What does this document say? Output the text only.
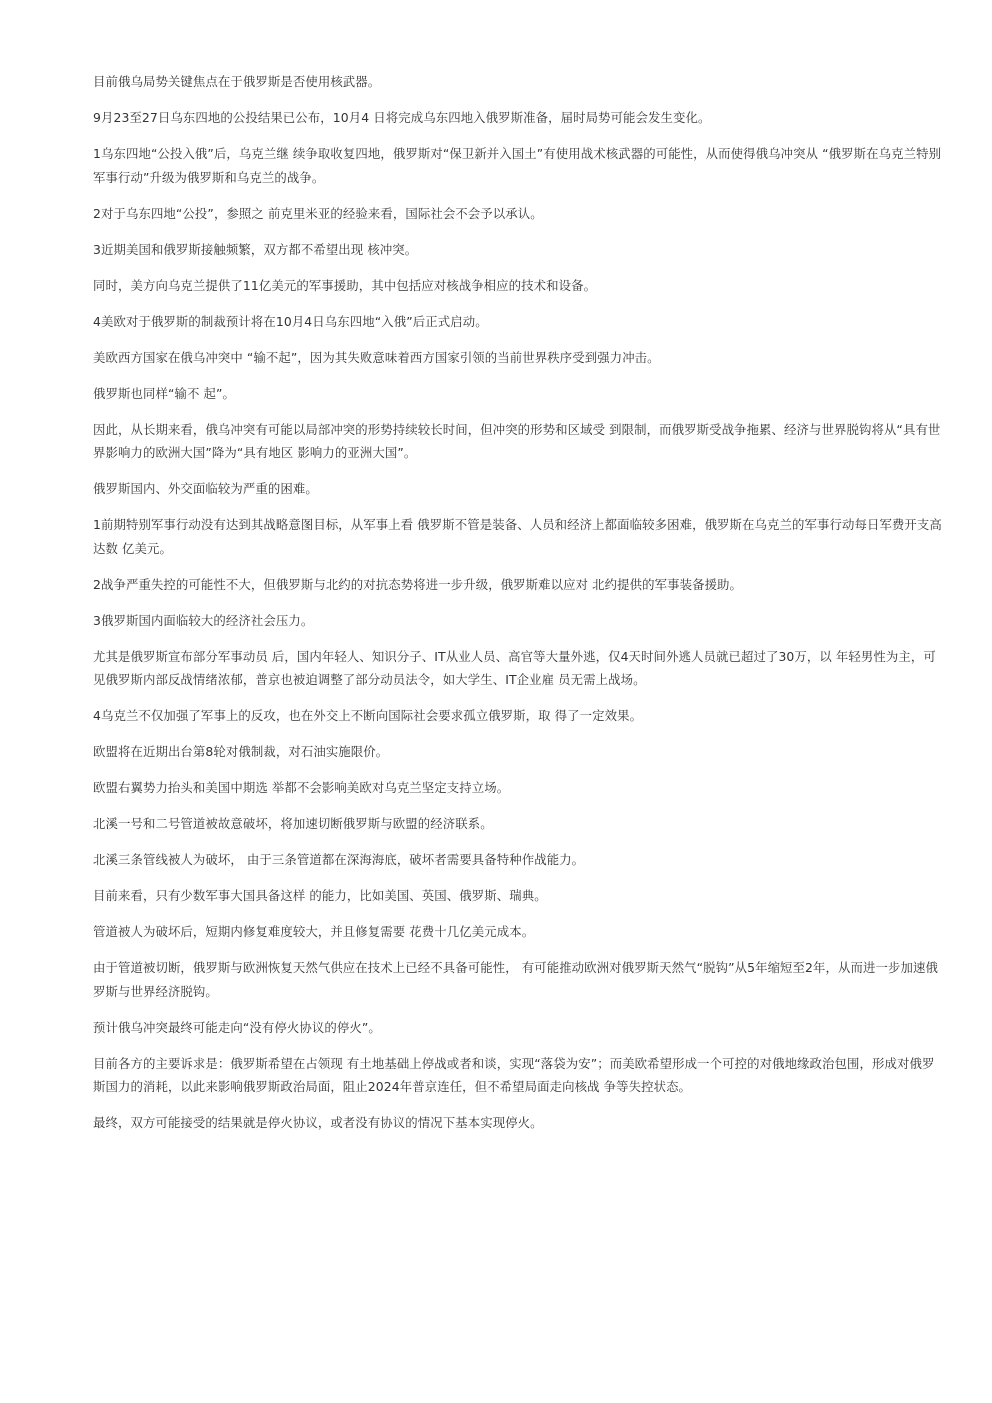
目前俄乌局势关键焦点在于俄罗斯是否使用核武器。

9月23至27日乌东四地的公投结果已公布，10月4 日将完成乌东四地入俄罗斯准备，届时局势可能会发生变化。

1乌东四地“公投入俄”后，乌克兰继 续争取收复四地，俄罗斯对“保卫新并入国土”有使用战术核武器的可能性，从而使得俄乌冲突从 “俄罗斯在乌克兰特别军事行动”升级为俄罗斯和乌克兰的战争。

2对于乌东四地“公投”，参照之 前克里米亚的经验来看，国际社会不会予以承认。

3近期美国和俄罗斯接触频繁，双方都不希望出现 核冲突。

同时，美方向乌克兰提供了11亿美元的军事援助，其中包括应对核战争相应的技术和设备。

4美欧对于俄罗斯的制裁预计将在10月4日乌东四地“入俄”后正式启动。

美欧西方国家在俄乌冲突中 “输不起”，因为其失败意味着西方国家引领的当前世界秩序受到强力冲击。

俄罗斯也同样“输不 起”。

因此，从长期来看，俄乌冲突有可能以局部冲突的形势持续较长时间，但冲突的形势和区域受 到限制，而俄罗斯受战争拖累、经济与世界脱钩将从“具有世界影响力的欧洲大国”降为“具有地区 影响力的亚洲大国”。

俄罗斯国内、外交面临较为严重的困难。

1前期特别军事行动没有达到其战略意图目标，从军事上看 俄罗斯不管是装备、人员和经济上都面临较多困难，俄罗斯在乌克兰的军事行动每日军费开支高达数 亿美元。

2战争严重失控的可能性不大，但俄罗斯与北约的对抗态势将进一步升级，俄罗斯难以应对 北约提供的军事装备援助。

3俄罗斯国内面临较大的经济社会压力。

尤其是俄罗斯宣布部分军事动员 后，国内年轻人、知识分子、IT从业人员、高官等大量外逃，仅4天时间外逃人员就已超过了30万，以 年轻男性为主，可见俄罗斯内部反战情绪浓郁，普京也被迫调整了部分动员法令，如大学生、IT企业雇 员无需上战场。

4乌克兰不仅加强了军事上的反攻，也在外交上不断向国际社会要求孤立俄罗斯，取 得了一定效果。

欧盟将在近期出台第8轮对俄制裁，对石油实施限价。

欧盟右翼势力抬头和美国中期选 举都不会影响美欧对乌克兰坚定支持立场。

北溪一号和二号管道被故意破坏，将加速切断俄罗斯与欧盟的经济联系。

北溪三条管线被人为破坏， 由于三条管道都在深海海底，破坏者需要具备特种作战能力。

目前来看，只有少数军事大国具备这样 的能力，比如美国、英国、俄罗斯、瑞典。

管道被人为破坏后，短期内修复难度较大，并且修复需要 花费十几亿美元成本。

由于管道被切断，俄罗斯与欧洲恢复天然气供应在技术上已经不具备可能性， 有可能推动欧洲对俄罗斯天然气“脱钩”从5年缩短至2年，从而进一步加速俄罗斯与世界经济脱钩。

预计俄乌冲突最终可能走向“没有停火协议的停火”。

目前各方的主要诉求是：俄罗斯希望在占领现 有土地基础上停战或者和谈，实现“落袋为安”；而美欧希望形成一个可控的对俄地缘政治包围，形成对俄罗斯国力的消耗，以此来影响俄罗斯政治局面，阻止2024年普京连任，但不希望局面走向核战 争等失控状态。

最终，双方可能接受的结果就是停火协议，或者没有协议的情况下基本实现停火。
